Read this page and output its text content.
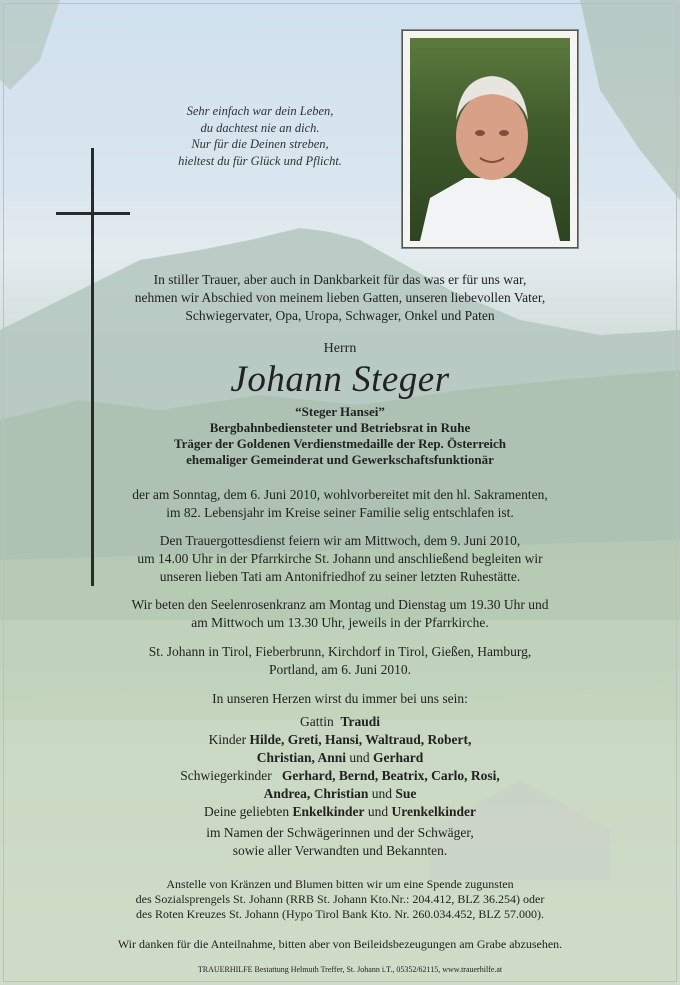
Sehr einfach war dein Leben,
du dachtest nie an dich.
Nur für die Deinen streben,
hieltest du für Glück und Pflicht.
In stiller Trauer, aber auch in Dankbarkeit für das was er für uns war,
nehmen wir Abschied von meinem lieben Gatten, unseren liebevollen Vater,
Schwiegervater, Opa, Uropa, Schwager, Onkel und Paten
Herrn
Johann Steger
“Steger Hansei”
Bergbahnbediensteter und Betriebsrat in Ruhe
Träger der Goldenen Verdienstmedaille der Rep. Österreich
ehemaliger Gemeinderat und Gewerkschaftsfunktionär
der am Sonntag, dem 6. Juni 2010, wohlvorbereitet mit den hl. Sakramenten,
im 82. Lebensjahr im Kreise seiner Familie selig entschlafen ist.
Den Trauergottesdienst feiern wir am Mittwoch, dem 9. Juni 2010,
um 14.00 Uhr in der Pfarrkirche St. Johann und anschließend begleiten wir
unseren lieben Tati am Antonifriedhof zu seiner letzten Ruhestätte.
Wir beten den Seelenrosenkranz am Montag und Dienstag um 19.30 Uhr und
am Mittwoch um 13.30 Uhr, jeweils in der Pfarrkirche.
St. Johann in Tirol, Fieberbrunn, Kirchdorf in Tirol, Gießen, Hamburg,
Portland, am 6. Juni 2010.
In unseren Herzen wirst du immer bei uns sein:
Gattin Traudi
Kinder Hilde, Greti, Hansi, Waltraud, Robert,
Christian, Anni und Gerhard
Schwiegerkinder Gerhard, Bernd, Beatrix, Carlo, Rosi,
Andrea, Christian und Sue
Deine geliebten Enkelkinder und Urenkelkinder
im Namen der Schwägerinnen und der Schwäger,
sowie aller Verwandten und Bekannten.
Anstelle von Kränzen und Blumen bitten wir um eine Spende zugunsten
des Sozialsprengels St. Johann (RRB St. Johann Kto.Nr.: 204.412, BLZ 36.254) oder
des Roten Kreuzes St. Johann (Hypo Tirol Bank Kto. Nr. 260.034.452, BLZ 57.000).
Wir danken für die Anteilnahme, bitten aber von Beileidsbezeugungen am Grabe abzusehen.
TRAUERHILFE Bestattung Helmuth Treffer, St. Johann i.T., 05352/62115, www.trauerhilfe.at
